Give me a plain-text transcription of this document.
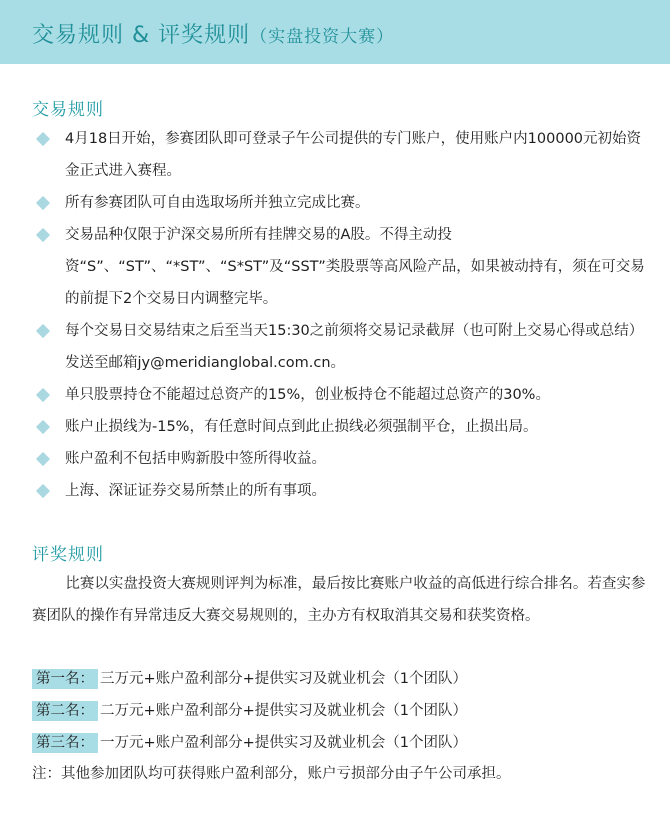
交易规则 & 评奖规则（实盘投资大赛）
交易规则
4月18日开始，参赛团队即可登录子午公司提供的专门账户，使用账户内100000元初始资金正式进入赛程。
所有参赛团队可自由选取场所并独立完成比赛。
交易品种仅限于沪深交易所所有挂牌交易的A股。不得主动投资“S”、“ST”、“*ST”、“S*ST”及“SST”类股票等高风险产品，如果被动持有，须在可交易的前提下2个交易日内调整完毕。
每个交易日交易结束之后至当天15:30之前须将交易记录截屏（也可附上交易心得或总结）发送至邮箱jy@meridianglobal.com.cn。
单只股票持仓不能超过总资产的15%，创业板持仓不能超过总资产的30%。
账户止损线为-15%，有任意时间点到此止损线必须强制平仓，止损出局。
账户盈利不包括申购新股中签所得收益。
上海、深证证券交易所禁止的所有事项。
评奖规则
比赛以实盘投资大赛规则评判为标准，最后按比赛账户收益的高低进行综合排名。若查实参赛团队的操作有异常违反大赛交易规则的，主办方有权取消其交易和获奖资格。
第一名： 三万元+账户盈利部分+提供实习及就业机会（1个团队）
第二名： 二万元+账户盈利部分+提供实习及就业机会（1个团队）
第三名： 一万元+账户盈利部分+提供实习及就业机会（1个团队）
注：其他参加团队均可获得账户盈利部分，账户亏损部分由子午公司承担。
